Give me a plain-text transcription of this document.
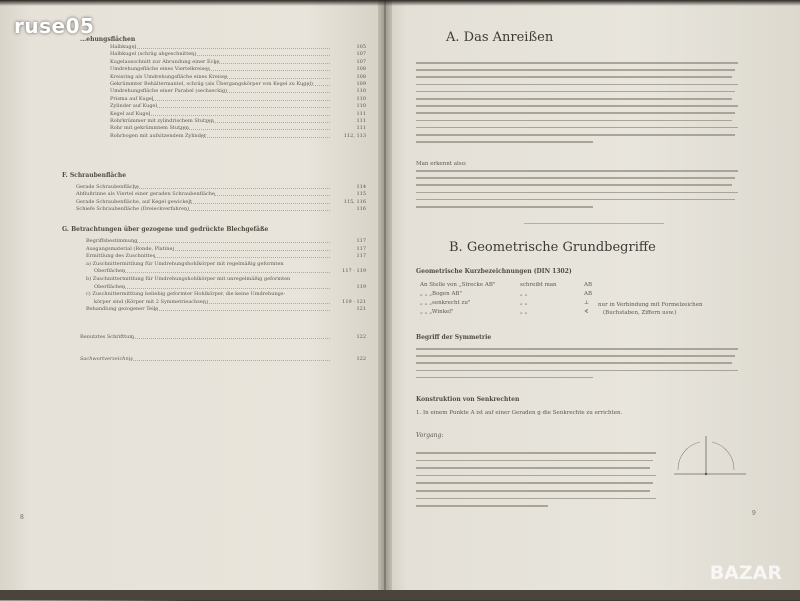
...ehungsflächen
Halbkugel	105
Halbkugel (schräg abgeschnitten)	107
Kugelausschnitt zur Abrundung einer Ecke	107
Umdrehungsfläche eines Viertelkreises	108
Kreisring als Umdrehungsfläche eines Kreises	108
Gekrümmter Behältermantel, schräg (als Übergangskörper von Kegel zu Kugel)	109
Umdrehungsfläche einer Parabel (sechseckig)	110
Prisma auf Kugel	110
Zylinder auf Kugel	110
Kegel auf Kugel	111
Rohrkrümmer mit zylindrischem Stutzen	111
Rohr mit gekrümmtem Stutzen	111
Rohrbogen mit aufsitzendem Zylinder	112, 113
F. Schraubenfläche
Gerade Schraubenfläche	114
Abflußrinne als Viertel einer geraden Schraubenfläche	115
Gerade Schraubenfläche, auf Kegel gewickelt	115, 116
Schiefe Schraubenfläche (Dreieckverfahren)	116
G. Betrachtungen über gezogene und gedrückte Blechgefäße
Begriffsbestimmung	117
Ausgangsmaterial (Ronde, Platine)	117
Ermittlung des Zuschnittes	117
a) Zuschnittermittlung für Umdrehungshohlkörper mit regelmäßig geformten
Oberflächen	117 · 119
b) Zuschnittermittlung für Umdrehungshohlkörper mit unregelmäßig geformten
Oberflächen	119
c) Zuschnittermittlung beliebig geformter Hohlkörper, die keine Umdrehungs-
körper sind (Körper mit 2 Symmetrieachsen)	119 · 121
Behandlung gezogener Teile	121
Benutztes Schrifttum	122
Sachwortverzeichnis	122
8
A. Das Anreißen
Man erkennt also:
B. Geometrische Grundbegriffe
Geometrische Kurzbezeichnungen (DIN 1302)
An Stelle von „Strecke AB"	schreibt man	AB
„ „ „Bogen AB"	„ „	AB
„ „ „senkrecht zu"	„ „	⊥
„ „ „Winkel"	„ „	∢
nur in Verbindung mit Formelzeichen
(Buchstaben, Ziffern usw.)
Begriff der Symmetrie
Konstruktion von Senkrechten
1. In einem Punkte A ist auf einer Geraden g die Senkrechte zu errichten.
Vorgang:
9
ruse05
BAZAR
